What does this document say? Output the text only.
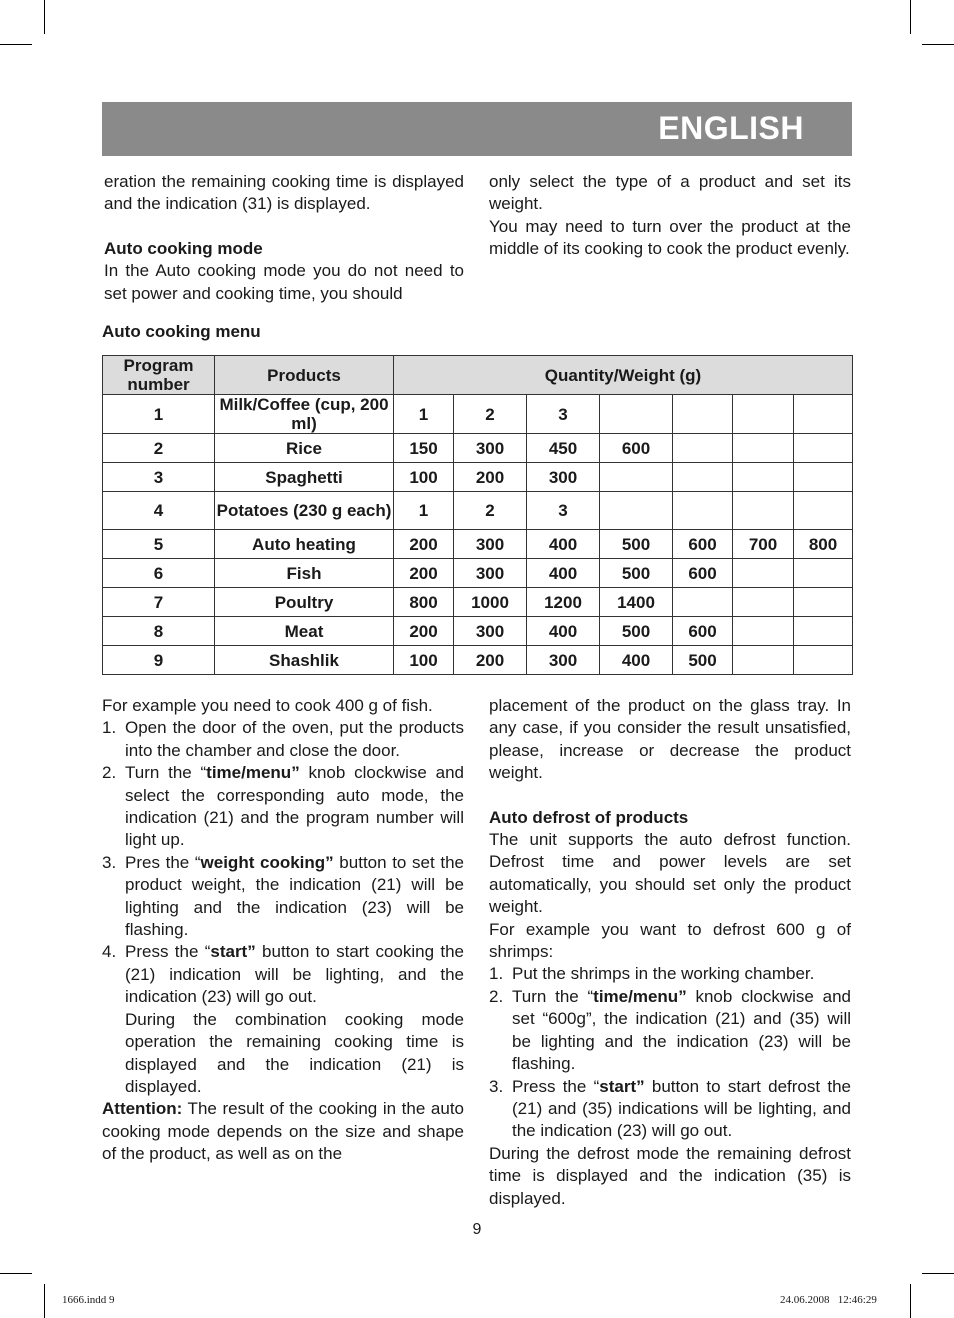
ENGLISH

eration the remaining cooking time is displayed and the indication (31) is displayed.

Auto cooking mode

In the Auto cooking mode you do not need to set power and cooking time, you should

only select the type of a product and set its weight.

You may need to turn over the product at the middle of its cooking to cook the product evenly.

Auto cooking menu
Program number	Products	Quantity/Weight (g)						
1	Milk/Coffee (cup, 200 ml)	1	2	3				
2	Rice	150	300	450	600			
3	Spaghetti	100	200	300				
4	Potatoes (230 g each)	1	2	3				
5	Auto heating	200	300	400	500	600	700	800
6	Fish	200	300	400	500	600		
7	Poultry	800	1000	1200	1400			
8	Meat	200	300	400	500	600		
9	Shashlik	100	200	300	400	500		

For example you need to cook 400 g of fish.

1. Open the door of the oven, put the products into the chamber and close the door.
2. Turn the “time/menu” knob clockwise and select the corresponding auto mode, the indication (21) and the program number will light up.
3. Pres the “weight cooking” button to set the product weight, the indication (21) will be lighting and the indication (23) will be flashing.
4. Press the “start” button to start cooking the (21) indication will be lighting, and the indication (23) will go out.

During the combination cooking mode operation the remaining cooking time is displayed and the indication (21) is displayed.

Attention: The result of the cooking in the auto cooking mode depends on the size and shape of the product, as well as on the

placement of the product on the glass tray. In any case, if you consider the result unsatisfied, please, increase or decrease the product weight.

Auto defrost of products

The unit supports the auto defrost function. Defrost time and power levels are set automatically, you should set only the product weight.

For example you want to defrost 600 g of shrimps:

1. Put the shrimps in the working chamber.
2. Turn the “time/menu” knob clockwise and set “600g”, the indication (21) and (35) will be lighting and the indication (23) will be flashing.
3. Press the “start” button to start defrost the (21) and (35) indications will be lighting, and the indication (23) will go out.

During the defrost mode the remaining defrost time is displayed and the indication (35) is displayed.

9
1666.indd 9	24.06.2008   12:46:29
